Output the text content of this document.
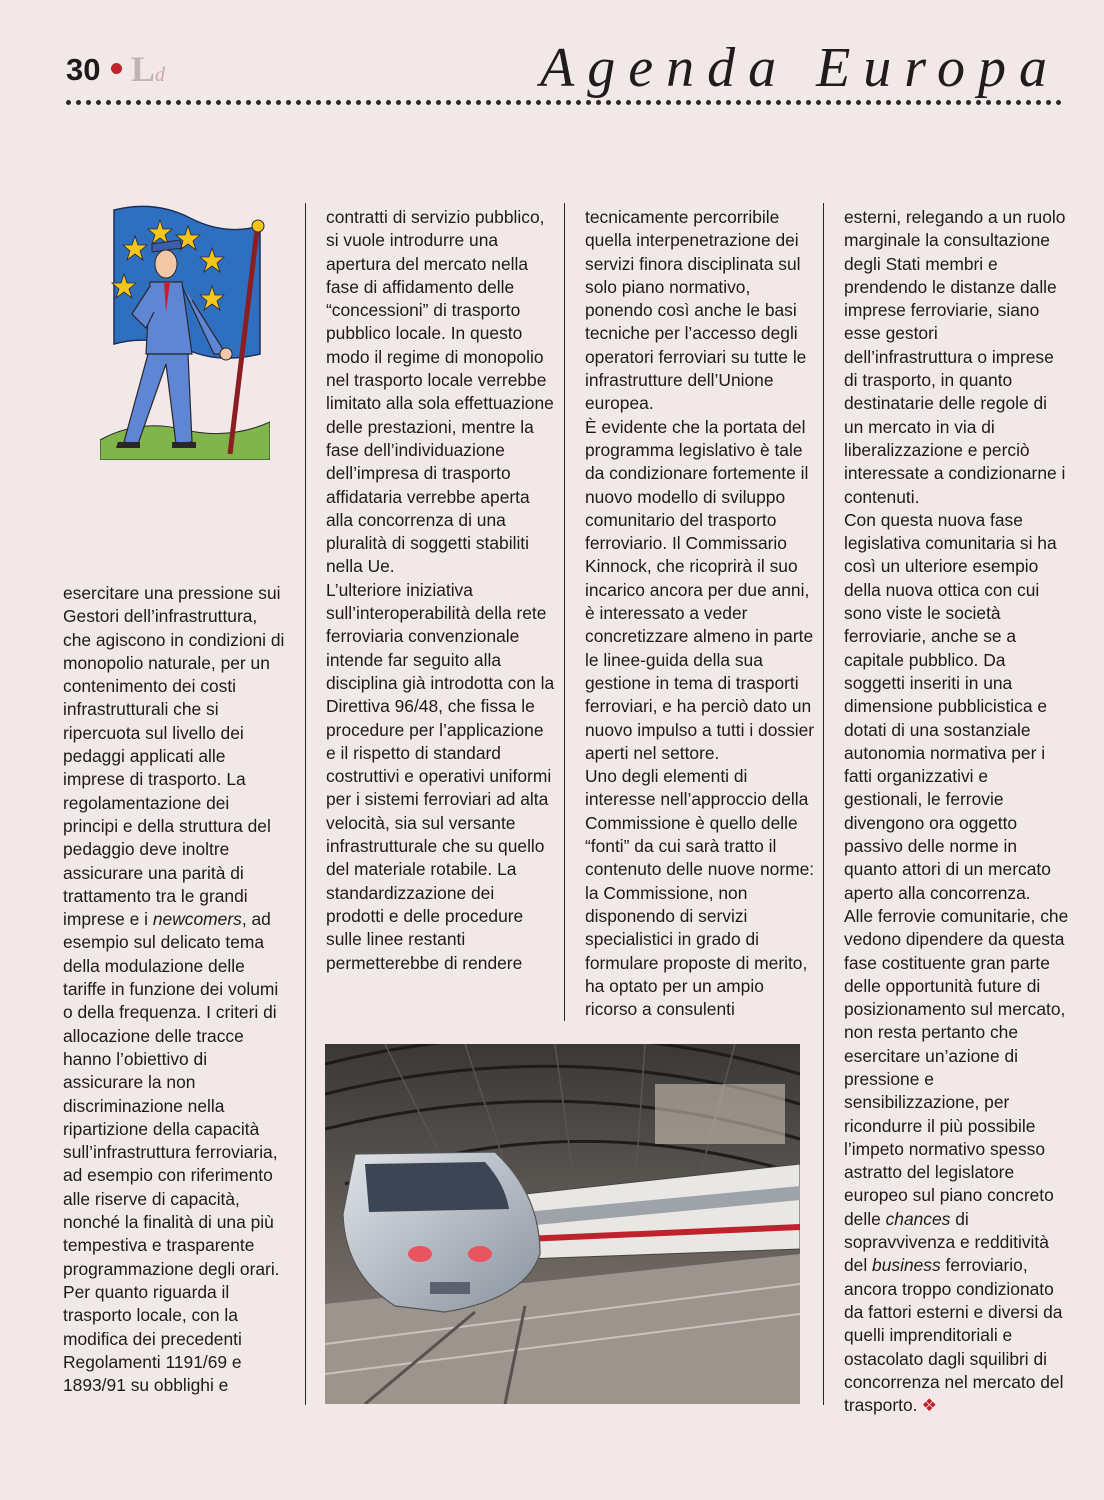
30 Ld	Agenda Europa

esercitare una pressione sui Gestori dell’infrastruttura, che agiscono in condizioni di monopolio naturale, per un contenimento dei costi infrastrutturali che si ripercuota sul livello dei pedaggi applicati alle imprese di trasporto. La regolamentazione dei principi e della struttura del pedaggio deve inoltre assicurare una parità di trattamento tra le grandi imprese e i newcomers, ad esempio sul delicato tema della modulazione delle tariffe in funzione dei volumi o della frequenza. I criteri di allocazione delle tracce hanno l’obiettivo di assicurare la non discriminazione nella ripartizione della capacità sull’infrastruttura ferroviaria, ad esempio con riferimento alle riserve di capacità, nonché la finalità di una più tempestiva e trasparente programmazione degli orari. Per quanto riguarda il trasporto locale, con la modifica dei precedenti Regolamenti 1191/69 e 1893/91 su obblighi e

contratti di servizio pubblico, si vuole introdurre una apertura del mercato nella fase di affidamento delle “concessioni” di trasporto pubblico locale. In questo modo il regime di monopolio nel trasporto locale verrebbe limitato alla sola effettuazione delle prestazioni, mentre la fase dell’individuazione dell’impresa di trasporto affidataria verrebbe aperta alla concorrenza di una pluralità di soggetti stabiliti nella Ue.

L’ulteriore iniziativa sull’interoperabilità della rete ferroviaria convenzionale intende far seguito alla disciplina già introdotta con la Direttiva 96/48, che fissa le procedure per l’applicazione e il rispetto di standard costruttivi e operativi uniformi per i sistemi ferroviari ad alta velocità, sia sul versante infrastrutturale che su quello del materiale rotabile. La standardizzazione dei prodotti e delle procedure sulle linee restanti permetterebbe di rendere

tecnicamente percorribile quella interpenetrazione dei servizi finora disciplinata sul solo piano normativo, ponendo così anche le basi tecniche per l’accesso degli operatori ferroviari su tutte le infrastrutture dell’Unione europea.

È evidente che la portata del programma legislativo è tale da condizionare fortemente il nuovo modello di sviluppo comunitario del trasporto ferroviario. Il Commissario Kinnock, che ricoprirà il suo incarico ancora per due anni, è interessato a veder concretizzare almeno in parte le linee-guida della sua gestione in tema di trasporti ferroviari, e ha perciò dato un nuovo impulso a tutti i dossier aperti nel settore.

Uno degli elementi di interesse nell’approccio della Commissione è quello delle “fonti” da cui sarà tratto il contenuto delle nuove norme: la Commissione, non disponendo di servizi specialistici in grado di formulare proposte di merito, ha optato per un ampio ricorso a consulenti

esterni, relegando a un ruolo marginale la consultazione degli Stati membri e prendendo le distanze dalle imprese ferroviarie, siano esse gestori dell’infrastruttura o imprese di trasporto, in quanto destinatarie delle regole di un mercato in via di liberalizzazione e perciò interessate a condizionarne i contenuti.

Con questa nuova fase legislativa comunitaria si ha così un ulteriore esempio della nuova ottica con cui sono viste le società ferroviarie, anche se a capitale pubblico. Da soggetti inseriti in una dimensione pubblicistica e dotati di una sostanziale autonomia normativa per i fatti organizzativi e gestionali, le ferrovie divengono ora oggetto passivo delle norme in quanto attori di un mercato aperto alla concorrenza.

Alle ferrovie comunitarie, che vedono dipendere da questa fase costituente gran parte delle opportunità future di posizionamento sul mercato, non resta pertanto che esercitare un’azione di pressione e sensibilizzazione, per ricondurre il più possibile l’impeto normativo spesso astratto del legislatore europeo sul piano concreto delle chances di sopravvivenza e redditività del business ferroviario, ancora troppo condizionato da fattori esterni e diversi da quelli imprenditoriali e ostacolato dagli squilibri di concorrenza nel mercato del trasporto. ❖
